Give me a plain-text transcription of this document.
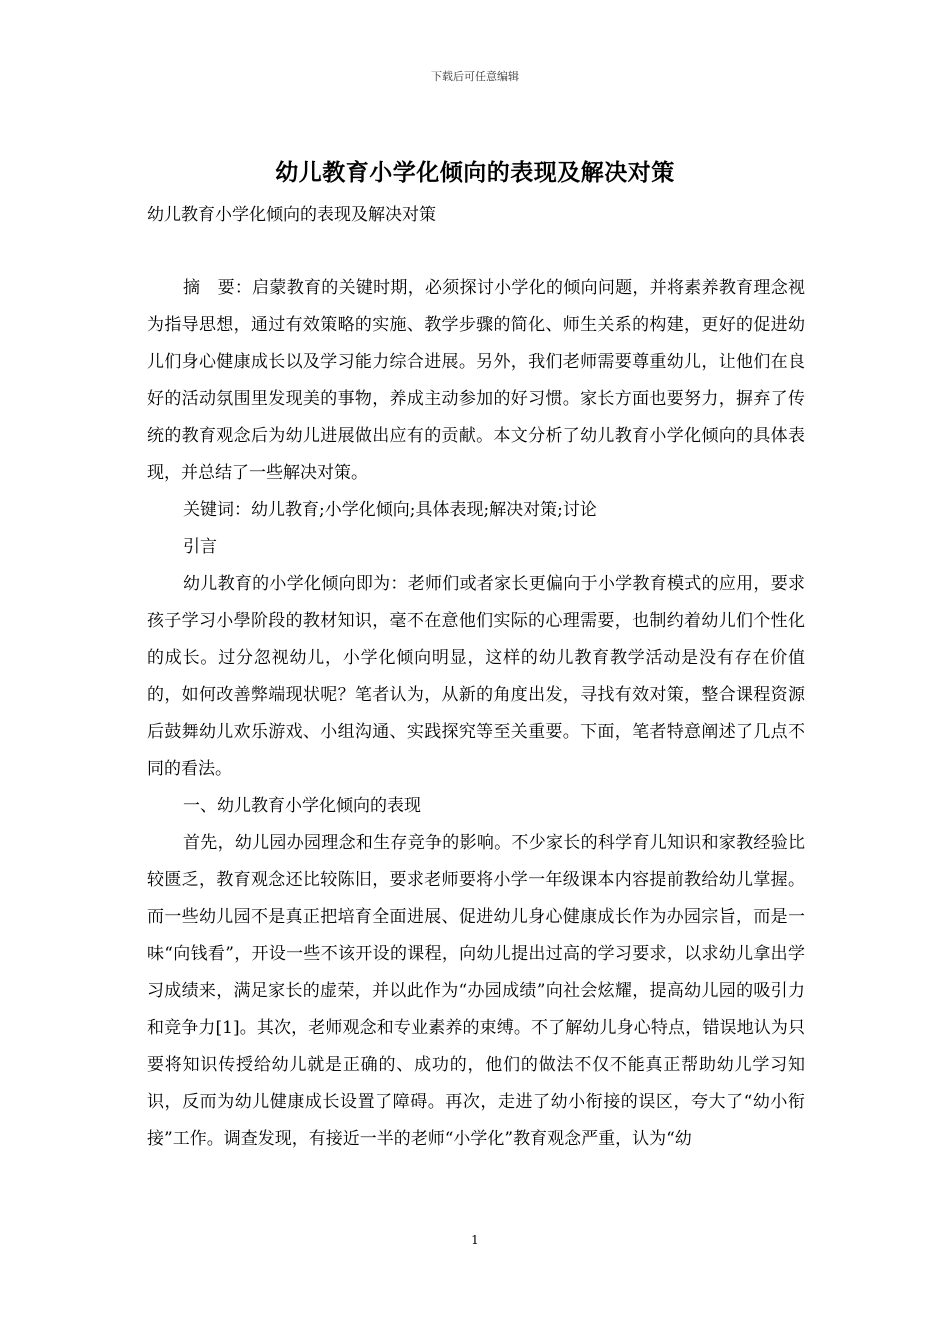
下载后可任意编辑
幼儿教育小学化倾向的表现及解决对策
幼儿教育小学化倾向的表现及解决对策

摘　要：启蒙教育的关键时期，必须探讨小学化的倾向问题，并将素养教育理念视为指导思想，通过有效策略的实施、教学步骤的简化、师生关系的构建，更好的促进幼儿们身心健康成长以及学习能力综合进展。另外，我们老师需要尊重幼儿，让他们在良好的活动氛围里发现美的事物，养成主动参加的好习惯。家长方面也要努力，摒弃了传统的教育观念后为幼儿进展做出应有的贡献。本文分析了幼儿教育小学化倾向的具体表现，并总结了一些解决对策。

关键词：幼儿教育;小学化倾向;具体表现;解决对策;讨论

引言

幼儿教育的小学化倾向即为：老师们或者家长更偏向于小学教育模式的应用，要求孩子学习小學阶段的教材知识，毫不在意他们实际的心理需要，也制约着幼儿们个性化的成长。过分忽视幼儿，小学化倾向明显，这样的幼儿教育教学活动是没有存在价值的，如何改善弊端现状呢？笔者认为，从新的角度出发，寻找有效对策，整合课程资源后鼓舞幼儿欢乐游戏、小组沟通、实践探究等至关重要。下面，笔者特意阐述了几点不同的看法。

一、幼儿教育小学化倾向的表现

首先，幼儿园办园理念和生存竞争的影响。不少家长的科学育儿知识和家教经验比较匮乏，教育观念还比较陈旧，要求老师要将小学一年级课本内容提前教给幼儿掌握。而一些幼儿园不是真正把培育全面进展、促进幼儿身心健康成长作为办园宗旨，而是一味“向钱看”，开设一些不该开设的课程，向幼儿提出过高的学习要求，以求幼儿拿出学习成绩来，满足家长的虚荣，并以此作为“办园成绩”向社会炫耀，提高幼儿园的吸引力和竞争力[1]。其次，老师观念和专业素养的束缚。不了解幼儿身心特点，错误地认为只要将知识传授给幼儿就是正确的、成功的，他们的做法不仅不能真正帮助幼儿学习知识，反而为幼儿健康成长设置了障碍。再次，走进了幼小衔接的误区，夸大了“幼小衔接”工作。调查发现，有接近一半的老师“小学化”教育观念严重，认为“幼

1
